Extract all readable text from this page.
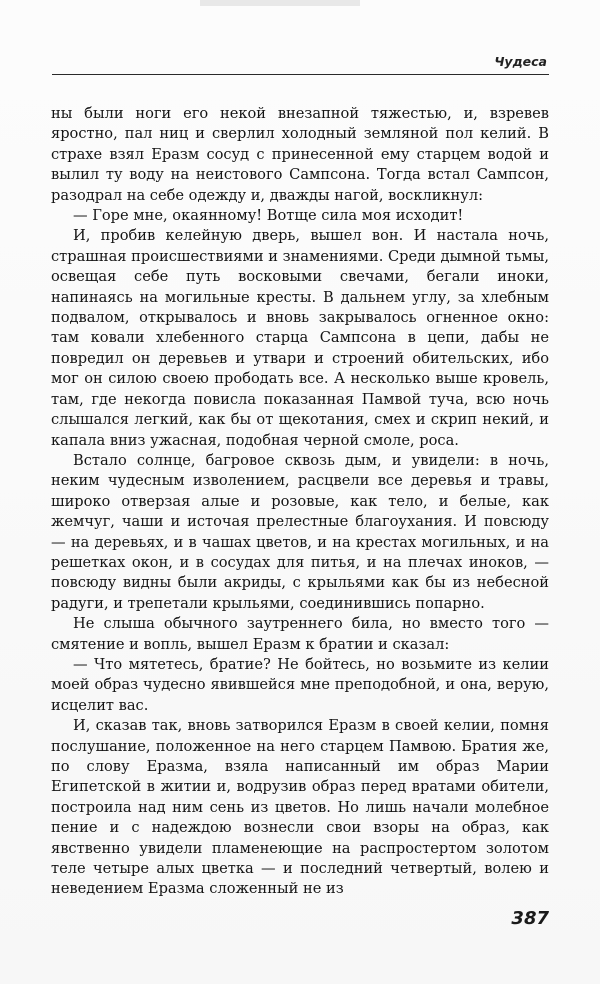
Чудеса

ны были ноги его некой внезапной тяжестью, и, взревев яростно, пал ниц и сверлил холодный земляной пол келий. В страхе взял Еразм сосуд с принесенной ему старцем водой и вылил ту воду на неистового Сампсона. Тогда встал Сампсон, разодрал на себе одежду и, дважды нагой, воскликнул:

— Горе мне, окаянному! Вотще сила моя исходит!

И, пробив келейную дверь, вышел вон. И настала ночь, страшная происшествиями и знамениями. Среди дымной тьмы, освещая себе путь восковыми свечами, бегали иноки, напинаясь на могильные кресты. В дальнем углу, за хлебным подвалом, открывалось и вновь закрывалось огненное окно: там ковали хлебенного старца Сампсона в цепи, дабы не повредил он деревьев и утвари и строений обительских, ибо мог он силою своею прободать все. А несколько выше кровель, там, где некогда повисла показанная Памвой туча, всю ночь слышался легкий, как бы от щекотания, смех и скрип некий, и капала вниз ужасная, подобная черной смоле, роса.

Встало солнце, багровое сквозь дым, и увидели: в ночь, неким чудесным изволением, расцвели все деревья и травы, широко отверзая алые и розовые, как тело, и белые, как жемчуг, чаши и источая прелестные благоухания. И повсюду — на деревьях, и в чашах цветов, и на крестах могильных, и на решетках окон, и в сосудах для питья, и на плечах иноков, — повсюду видны были акриды, с крыльями как бы из небесной радуги, и трепетали крыльями, соединившись попарно.

Не слыша обычного заутреннего била, но вместо того — смятение и вопль, вышел Еразм к братии и сказал:

— Что мятетесь, братие? Не бойтесь, но возьмите из келии моей образ чудесно явившейся мне преподобной, и она, верую, исцелит вас.

И, сказав так, вновь затворился Еразм в своей келии, помня послушание, положенное на него старцем Памвою. Братия же, по слову Еразма, взяла написанный им образ Марии Египетской в житии и, водрузив образ перед вратами обители, построила над ним сень из цветов. Но лишь начали молебное пение и с надеждою вознесли свои взоры на образ, как явственно увидели пламенеющие на распростертом золотом теле четыре алых цветка — и последний четвертый, волею и неведением Еразма сложенный не из

387
